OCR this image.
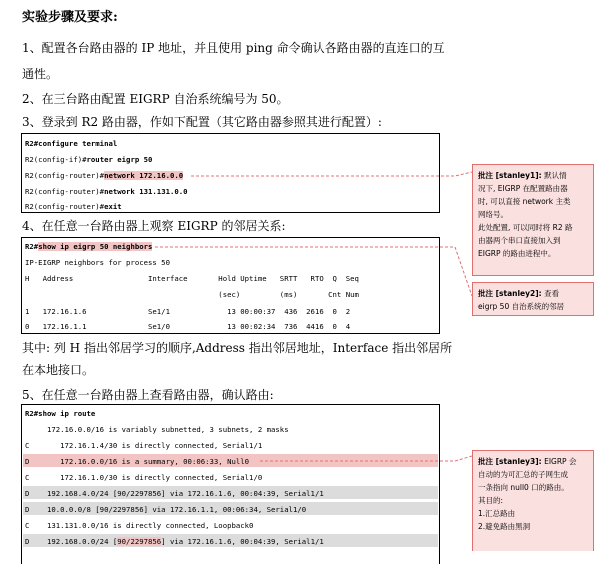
实验步骤及要求:
1、配置各台路由器的 IP 地址，并且使用 ping 命令确认各路由器的直连口的互
通性。
2、在三台路由配置 EIGRP 自治系统编号为 50。
3、登录到 R2 路由器，作如下配置（其它路由器参照其进行配置）:
R2#configure terminal
R2(config-if)#router eigrp 50
R2(config-router)#network 172.16.0.0
R2(config-router)#network 131.131.0.0
R2(config-router)#exit
4、在任意一台路由器上观察 EIGRP 的邻居关系:
R2#show ip eigrp 50 neighbors
IP-EIGRP neighbors for process 50
H   Address                 Interface       Hold Uptime   SRTT   RTO  Q  Seq
(sec)         (ms)       Cnt Num
1   172.16.1.6              Se1/1             13 00:00:37  436  2616  0  2
0   172.16.1.1              Se1/0             13 00:02:34  736  4416  0  4
其中: 列 H 指出邻居学习的顺序,Address 指出邻居地址，Interface 指出邻居所
在本地接口。
5、在任意一台路由器上查看路由器，确认路由:
R2#show ip route
172.16.0.0/16 is variably subnetted, 3 subnets, 2 masks
C       172.16.1.4/30 is directly connected, Serial1/1
D       172.16.0.0/16 is a summary, 00:06:33, Null0
C       172.16.1.0/30 is directly connected, Serial1/0
D    192.168.4.0/24 [90/2297856] via 172.16.1.6, 00:04:39, Serial1/1
D    10.0.0.0/8 [90/2297856] via 172.16.1.1, 00:06:34, Serial1/0
C    131.131.0.0/16 is directly connected, Loopback0
D    192.168.0.0/24 [90/2297856] via 172.16.1.6, 00:04:39, Serial1/1
批注 [stanley1]: 默认情
况下, EIGRP 在配置路由器
时, 可以直接 network 主类
网络号。
此处配置, 可以同时将 R2 路
由器两个串口直接加入到
EIGRP 的路由进程中。
批注 [stanley2]: 查看
eigrp 50 自治系统的邻居
批注 [stanley3]: EIGRP 会
自动的为可汇总的子网生成
一条指向 null0 口的路由。
其目的:
1.汇总路由
2.避免路由黑洞
